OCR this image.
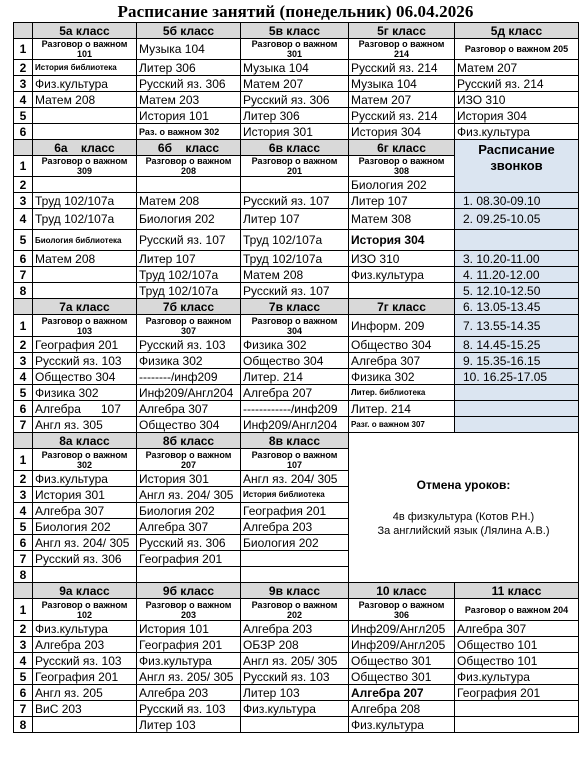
Расписание занятий (понедельник) 06.04.2026
	5а класс	5б класс	5в класс	5г класс	5д класс
1	Разговор о важном 101	Музыка 104	Разговор о важном 301	Разговор о важном 214	Разговор о важном 205
2	История библиотека	Литер 306	Музыка 104	Русский яз. 214	Матем 207
3	Физ.культура	Русский яз. 306	Матем 207	Музыка 104	Русский яз. 214
4	Матем 208	Матем 203	Русский яз. 306	Матем 207	ИЗО 310
5		История 101	Литер 306	Русский яз. 214	История 304
6		Раз. о важном 302	История 301	История 304	Физ.культура
	6а    класс	6б    класс	6в класс	6г класс	Расписание звонков
1	Разговор о важном 309	Разговор о важном 208	Разговор о важном 201	Разговор о важном 308	
2				Биология 202	
3	Труд 102/107а	Матем 208	Русский яз. 107	Литер 107	1. 08.30-09.10
4	Труд 102/107а	Биология 202	Литер 107	Матем 308	2. 09.25-10.05
5	Биология библиотека	Русский яз. 107	Труд 102/107а	История 304	
6	Матем 208	Литер 107	Труд 102/107а	ИЗО 310	3. 10.20-11.00
7		Труд 102/107а	Матем 208	Физ.культура	4. 11.20-12.00
8		Труд 102/107а	Русский яз. 107		5. 12.10-12.50
	7а класс	7б класс	7в класс	7г класс	6. 13.05-13.45
1	Разговор о важном 103	Разговор о важном 307	Разговор о важном 304	Информ. 209	7. 13.55-14.35
2	География 201	Русский яз. 103	Физика 302	Общество 304	8. 14.45-15.25
3	Русский яз. 103	Физика 302	Общество 304	Алгебра 307	9. 15.35-16.15
4	Общество 304	--------/инф209	Литер. 214	Физика 302	10. 16.25-17.05
5	Физика 302	Инф209/Англ204	Алгебра 207	Литер. библиотека	
6	Алгебра      107	Алгебра 307	------------/инф209	Литер. 214	
7	Англ яз. 305	Общество 304	Инф209/Англ204	Разг. о важном 307	
	8а класс	8б класс	8в класс	Отмена уроков:
4в физкультура (Котов Р.Н.)
За английский язык (Лялина А.В.)	

1	Разговор о важном 302	Разговор о важном 207	Разговор о важном 107		
2	Физ.культура	История 301	Англ яз. 204/ 305		
3	История 301	Англ яз. 204/ 305	История библиотека		
4	Алгебра 307	Биология 202	География 201		
5	Биология 202	Алгебра 307	Алгебра 203		
6	Англ яз. 204/ 305	Русский яз. 306	Биология 202		
7	Русский яз. 306	География 201			
8					
	9а класс	9б класс	9в класс	10 класс	11 класс
1	Разговор о важном 102	Разговор о важном 203	Разговор о важном 202	Разговор о важном 306	Разговор о важном 204
2	Физ.культура	История 101	Алгебра 203	Инф209/Англ205	Алгебра 307
3	Алгебра 203	География 201	ОБЗР 208	Инф209/Англ205	Общество 101
4	Русский яз. 103	Физ.культура	Англ яз. 205/ 305	Общество 301	Общество 101
5	География 201	Англ яз. 205/ 305	Русский яз. 103	Общество 301	Физ.культура
6	Англ яз. 205	Алгебра 203	Литер 103	Алгебра 207	География 201
7	ВиС 203	Русский яз. 103	Физ.культура	Алгебра 208	
8		Литер 103		Физ.культура	
